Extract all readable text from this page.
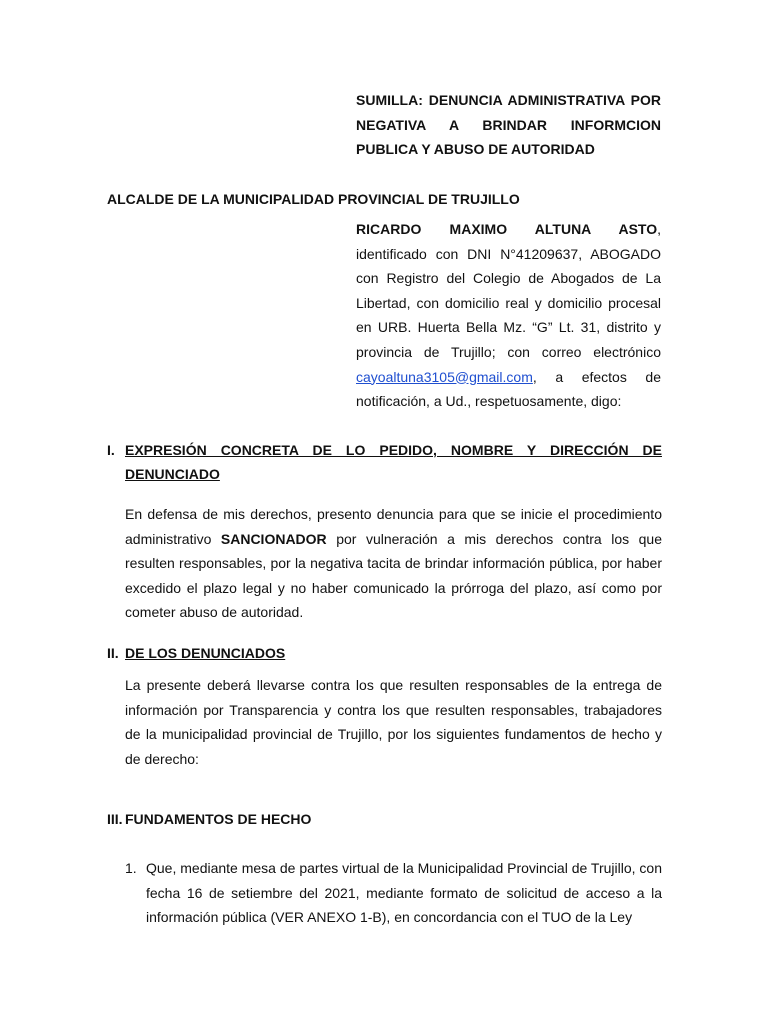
SUMILLA: DENUNCIA ADMINISTRATIVA POR NEGATIVA A BRINDAR INFORMCION PUBLICA Y ABUSO DE AUTORIDAD
ALCALDE DE LA MUNICIPALIDAD PROVINCIAL DE TRUJILLO
RICARDO MAXIMO ALTUNA ASTO, identificado con DNI N°41209637, ABOGADO con Registro del Colegio de Abogados de La Libertad, con domicilio real y domicilio procesal en URB. Huerta Bella Mz. “G” Lt. 31, distrito y provincia de Trujillo; con correo electrónico cayoaltuna3105@gmail.com, a efectos de notificación, a Ud., respetuosamente, digo:
I. EXPRESIÓN CONCRETA DE LO PEDIDO, NOMBRE Y DIRECCIÓN DE DENUNCIADO
En defensa de mis derechos, presento denuncia para que se inicie el procedimiento administrativo SANCIONADOR por vulneración a mis derechos contra los que resulten responsables, por la negativa tacita de brindar información pública, por haber excedido el plazo legal y no haber comunicado la prórroga del plazo, así como por cometer abuso de autoridad.
II. DE LOS DENUNCIADOS
La presente deberá llevarse contra los que resulten responsables de la entrega de información por Transparencia y contra los que resulten responsables, trabajadores de la municipalidad provincial de Trujillo, por los siguientes fundamentos de hecho y de derecho:
III. FUNDAMENTOS DE HECHO
1. Que, mediante mesa de partes virtual de la Municipalidad Provincial de Trujillo, con fecha 16 de setiembre del 2021, mediante formato de solicitud de acceso a la información pública (VER ANEXO 1-B), en concordancia con el TUO de la Ley
